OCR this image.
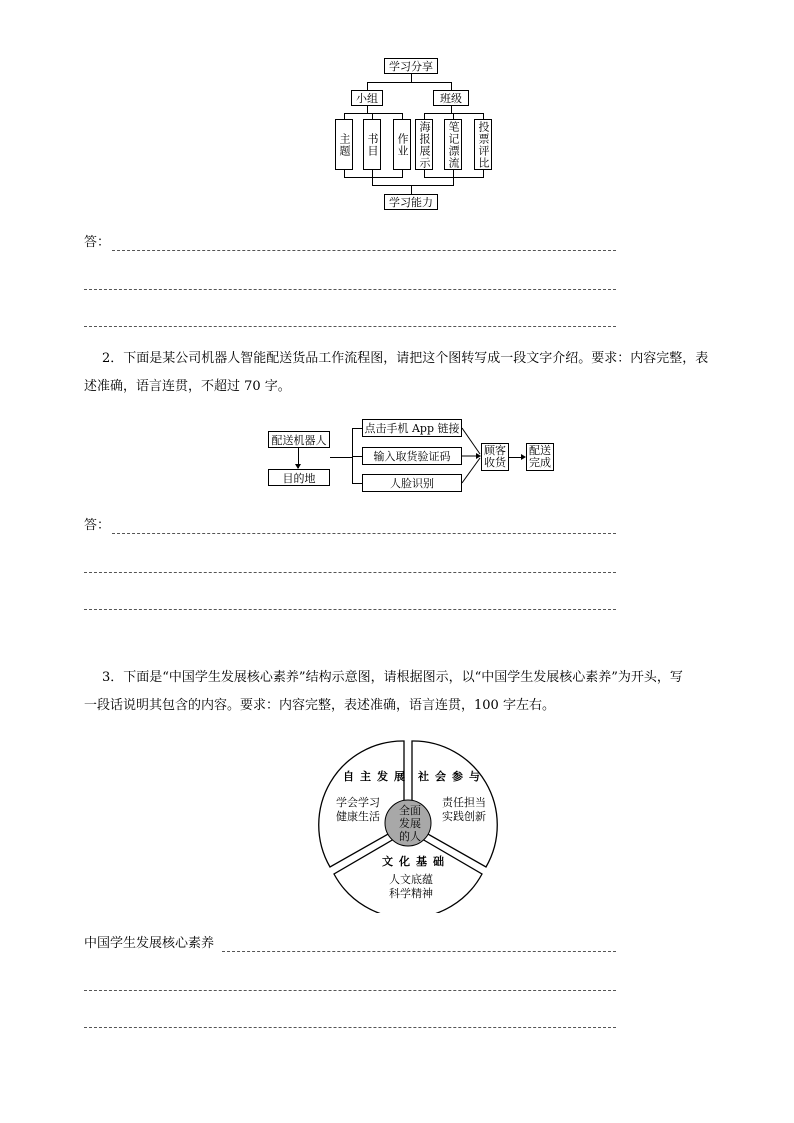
学习分享
小组	班级
主题 书目 作业 海报展示 笔记漂流 投票评比
学习能力
答：
2．下面是某公司机器人智能配送货品工作流程图，请把这个图转写成一段文字介绍。要求：内容完整，表
述准确，语言连贯，不超过 70 字。
配送机器人
目的地
点击手机 App 链接
输入取货验证码
人脸识别
顾客收货
配送完成
答：
3．下面是“中国学生发展核心素养”结构示意图，请根据图示，以“中国学生发展核心素养”为开头，写
一段话说明其包含的内容。要求：内容完整，表述准确，语言连贯，100 字左右。
全面发展的人
自主发展
学会学习
健康生活
社会参与
责任担当
实践创新
文化基础
人文底蕴
科学精神
中国学生发展核心素养
